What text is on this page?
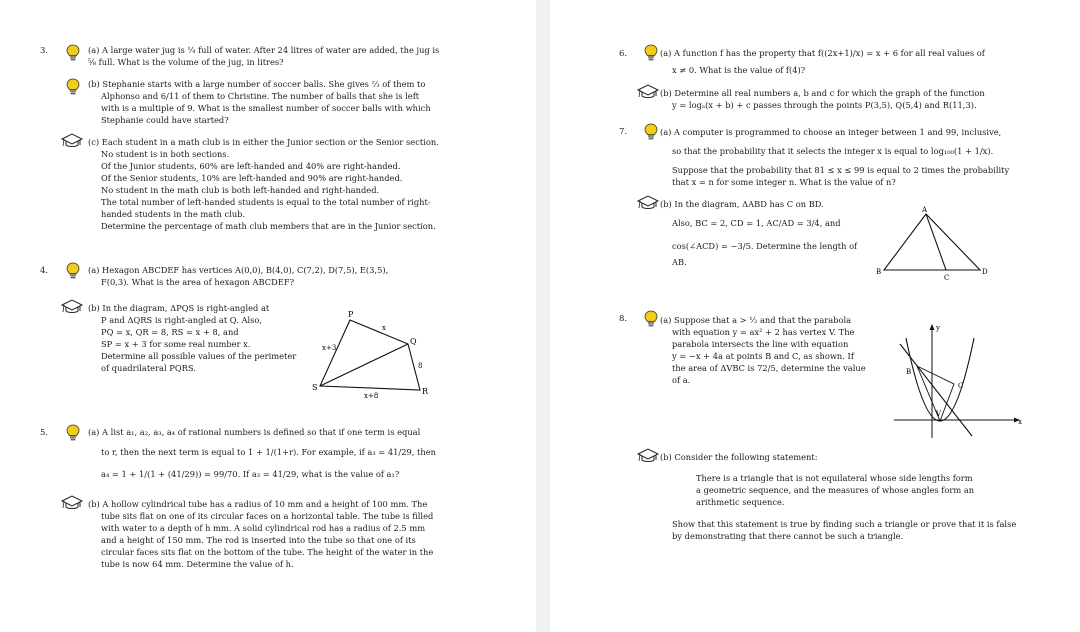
3.	(a) A large water jug is ¼ full of water. After 24 litres of water are added, the jug is
⅝ full. What is the volume of the jug, in litres?
(b) Stephanie starts with a large number of soccer balls. She gives ⅔ of them to
Alphonso and 6/11 of them to Christine. The number of balls that she is left
with is a multiple of 9. What is the smallest number of soccer balls with which
Stephanie could have started?
(c) Each student in a math club is in either the Junior section or the Senior section.
No student is in both sections.
Of the Junior students, 60% are left-handed and 40% are right-handed.
Of the Senior students, 10% are left-handed and 90% are right-handed.
No student in the math club is both left-handed and right-handed.
The total number of left-handed students is equal to the total number of right-
handed students in the math club.
Determine the percentage of math club members that are in the Junior section.
4.	(a) Hexagon ABCDEF has vertices A(0,0), B(4,0), C(7,2), D(7,5), E(3,5),
F(0,3). What is the area of hexagon ABCDEF?
(b) In the diagram, ΔPQS is right-angled at
P and ΔQRS is right-angled at Q. Also,
PQ = x, QR = 8, RS = x + 8, and
SP = x + 3 for some real number x.
Determine all possible values of the perimeter
of quadrilateral PQRS.
P
Q
R
S
x
x+3
8
x+8
5.	(a) A list a₁, a₂, a₃, a₄ of rational numbers is defined so that if one term is equal
to r, then the next term is equal to 1 + 1/(1+r). For example, if a₃ = 41/29, then
a₄ = 1 + 1/(1 + (41/29)) = 99/70. If a₃ = 41/29, what is the value of a₁?
(b) A hollow cylindrical tube has a radius of 10 mm and a height of 100 mm. The
tube sits flat on one of its circular faces on a horizontal table. The tube is filled
with water to a depth of h mm. A solid cylindrical rod has a radius of 2.5 mm
and a height of 150 mm. The rod is inserted into the tube so that one of its
circular faces sits flat on the bottom of the tube. The height of the water in the
tube is now 64 mm. Determine the value of h.
6.	(a) A function f has the property that f((2x+1)/x) = x + 6 for all real values of
x ≠ 0. What is the value of f(4)?
(b) Determine all real numbers a, b and c for which the graph of the function
y = logₐ(x + b) + c passes through the points P(3,5), Q(5,4) and R(11,3).
7.	(a) A computer is programmed to choose an integer between 1 and 99, inclusive,
so that the probability that it selects the integer x is equal to log₁₀₀(1 + 1/x).
Suppose that the probability that 81 ≤ x ≤ 99 is equal to 2 times the probability
that x = n for some integer n. What is the value of n?
(b) In the diagram, ΔABD has C on BD.
Also, BC = 2, CD = 1, AC/AD = 3/4, and
cos(∠ACD) = −3/5. Determine the length of
AB.
A
B
C
D
8.	(a) Suppose that a > ½ and that the parabola
with equation y = ax² + 2 has vertex V. The
parabola intersects the line with equation
y = −x + 4a at points B and C, as shown. If
the area of ΔVBC is 72/5, determine the value
of a.
y
x
B
C
V
(b) Consider the following statement:
There is a triangle that is not equilateral whose side lengths form
a geometric sequence, and the measures of whose angles form an
arithmetic sequence.
Show that this statement is true by finding such a triangle or prove that it is false
by demonstrating that there cannot be such a triangle.
